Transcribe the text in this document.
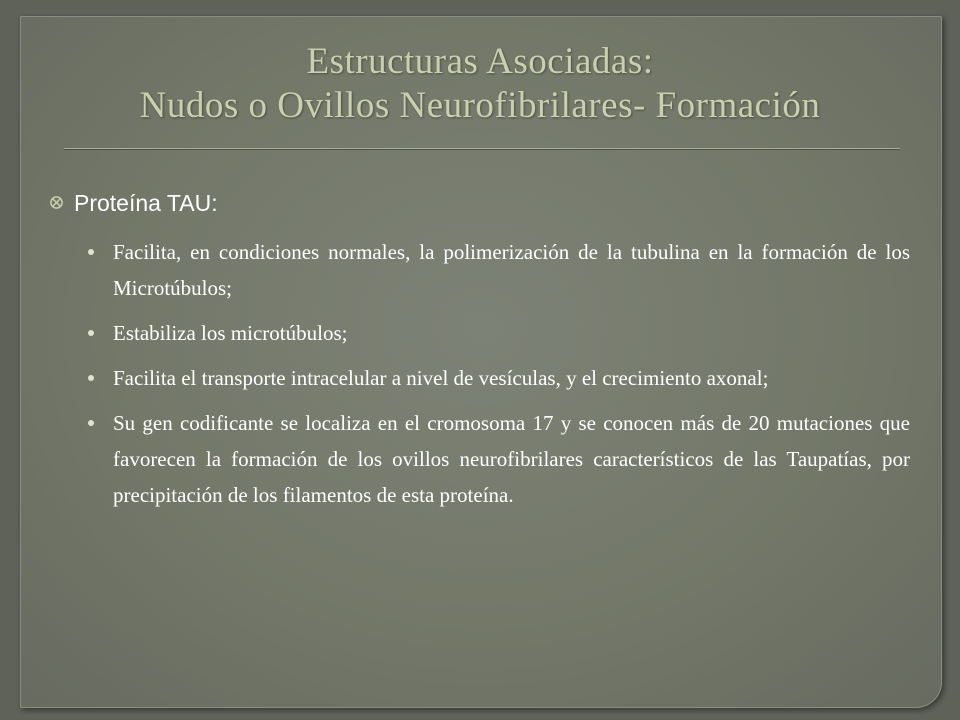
Estructuras Asociadas:
Nudos o Ovillos Neurofibrilares- Formación
Proteína TAU:
Facilita, en condiciones normales, la polimerización de la tubulina en la formación de los Microtúbulos;
Estabiliza los microtúbulos;
Facilita el transporte intracelular a nivel de vesículas, y el crecimiento axonal;
Su gen codificante se localiza en el cromosoma 17 y se conocen más de 20 mutaciones que favorecen la formación de los ovillos neurofibrilares característicos de las Taupatías, por precipitación de los filamentos de esta proteína.
